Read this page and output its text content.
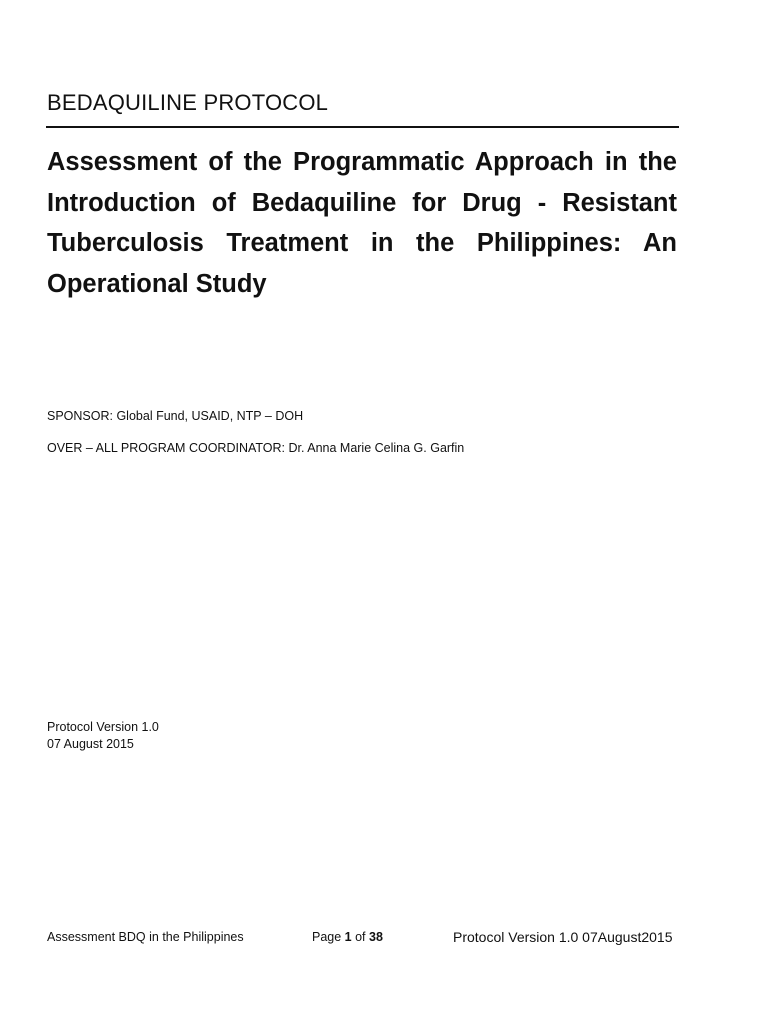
BEDAQUILINE PROTOCOL
Assessment of the Programmatic Approach in the Introduction of Bedaquiline for Drug - Resistant Tuberculosis Treatment in the Philippines: An Operational Study
SPONSOR: Global Fund, USAID, NTP – DOH
OVER – ALL PROGRAM COORDINATOR: Dr. Anna Marie Celina G. Garfin
Protocol Version 1.0
07 August 2015
Assessment BDQ in the Philippines	Page 1 of 38	Protocol Version 1.0 07August2015
